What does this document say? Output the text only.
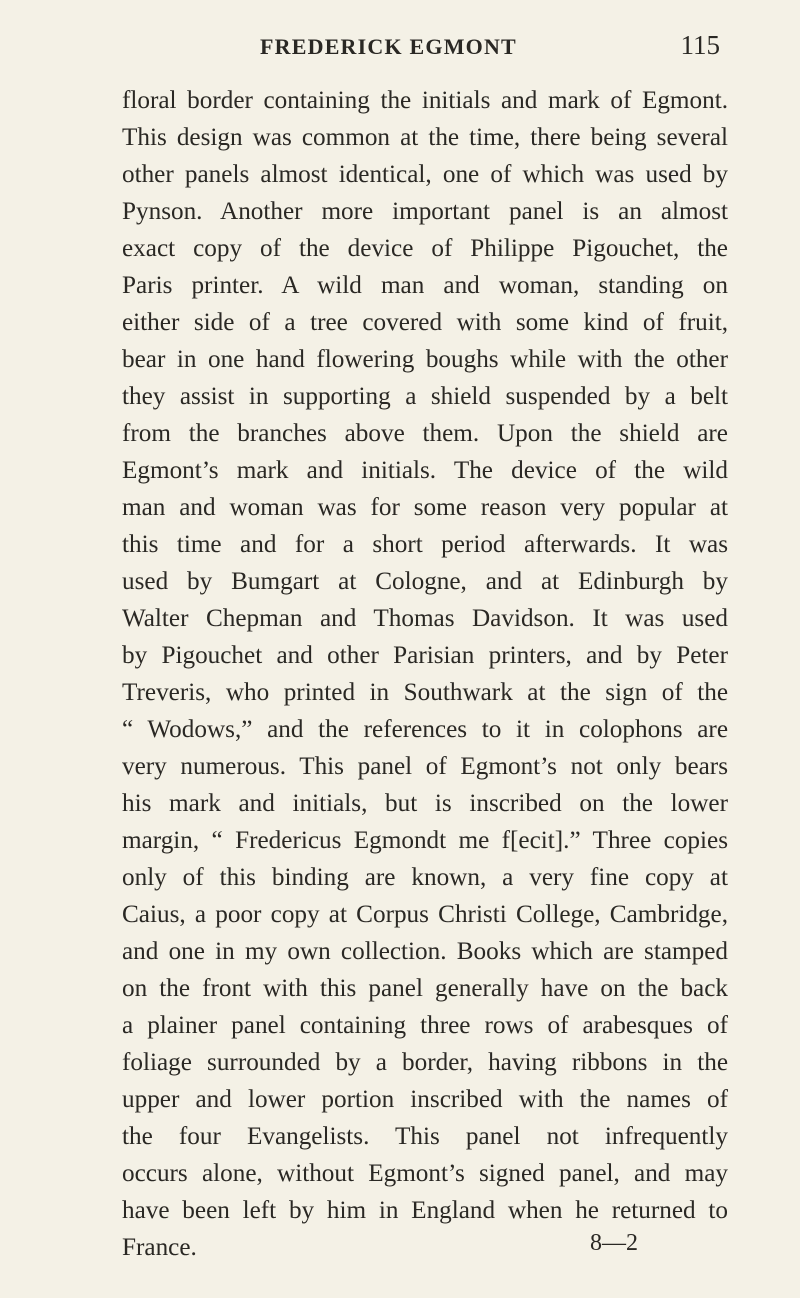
FREDERICK EGMONT	115
floral border containing the initials and mark of Egmont.
This design was common at the time, there being several
other panels almost identical, one of which was used by
Pynson. Another more important panel is an almost
exact copy of the device of Philippe Pigouchet, the
Paris printer. A wild man and woman, standing on
either side of a tree covered with some kind of fruit,
bear in one hand flowering boughs while with the other
they assist in supporting a shield suspended by a belt
from the branches above them. Upon the shield are
Egmont’s mark and initials. The device of the wild
man and woman was for some reason very popular at
this time and for a short period afterwards. It was
used by Bumgart at Cologne, and at Edinburgh by
Walter Chepman and Thomas Davidson. It was used
by Pigouchet and other Parisian printers, and by Peter
Treveris, who printed in Southwark at the sign of the
“ Wodows,” and the references to it in colophons are
very numerous. This panel of Egmont’s not only bears
his mark and initials, but is inscribed on the lower
margin, “ Fredericus Egmondt me f[ecit].” Three copies
only of this binding are known, a very fine copy at
Caius, a poor copy at Corpus Christi College, Cambridge,
and one in my own collection. Books which are stamped
on the front with this panel generally have on the back
a plainer panel containing three rows of arabesques of
foliage surrounded by a border, having ribbons in the
upper and lower portion inscribed with the names of
the four Evangelists. This panel not infrequently
occurs alone, without Egmont’s signed panel, and may
have been left by him in England when he returned to
France.	8—2
